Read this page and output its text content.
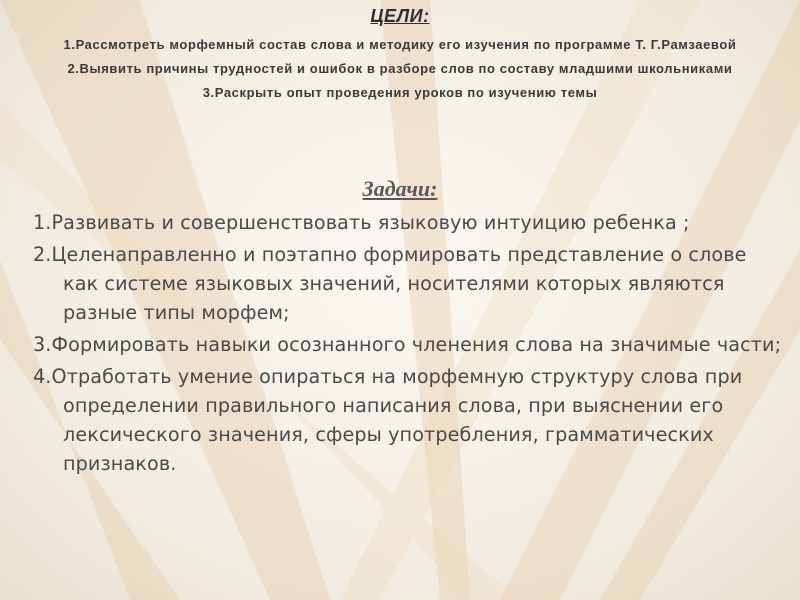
ЦЕЛИ:
1.Рассмотреть морфемный состав слова и методику его изучения по программе Т. Г.Рамзаевой
2.Выявить причины трудностей и ошибок в разборе слов по составу младшими школьниками
3.Раскрыть опыт проведения уроков по изучению темы
Задачи:
1.Развивать и совершенствовать языковую интуицию ребенка ;
2.Целенаправленно и поэтапно формировать представление о слове как системе языковых значений, носителями которых являются разные типы морфем;
3.Формировать навыки осознанного членения слова на значимые части;
4.Отработать умение опираться на морфемную структуру слова при определении правильного написания слова, при выяснении его лексического значения, сферы употребления, грамматических признаков.
